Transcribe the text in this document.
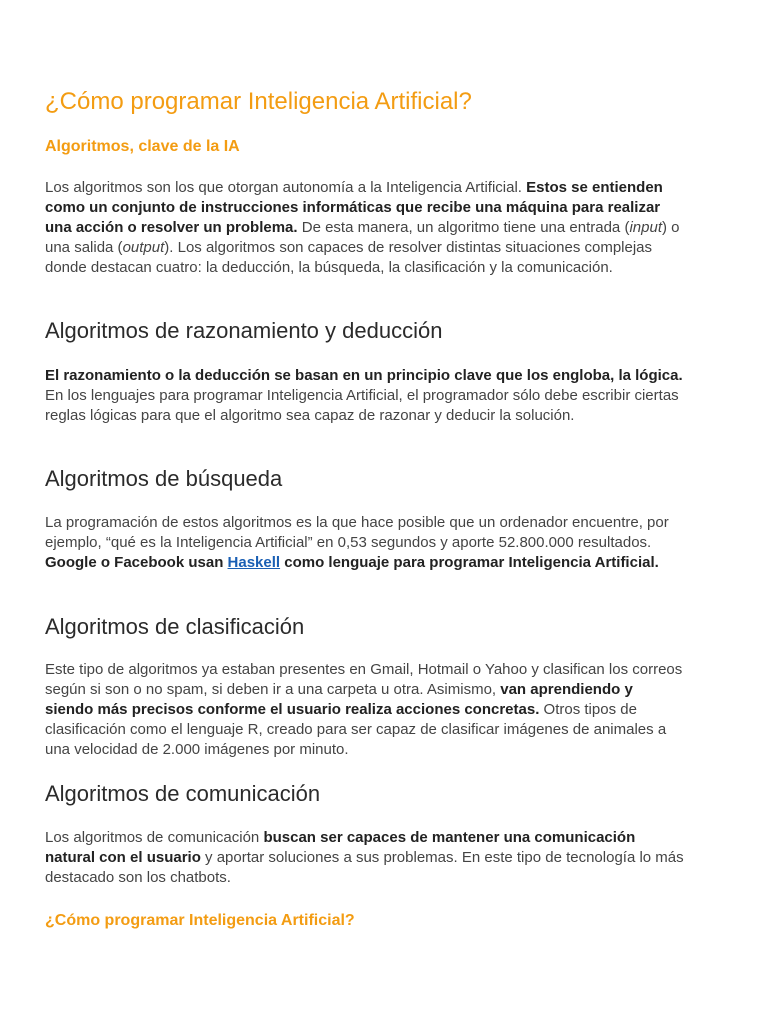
¿Cómo programar Inteligencia Artificial?
Algoritmos, clave de la IA

Los algoritmos son los que otorgan autonomía a la Inteligencia Artificial. Estos se entienden como un conjunto de instrucciones informáticas que recibe una máquina para realizar una acción o resolver un problema. De esta manera, un algoritmo tiene una entrada (input) o una salida (output). Los algoritmos son capaces de resolver distintas situaciones complejas donde destacan cuatro: la deducción, la búsqueda, la clasificación y la comunicación.

Algoritmos de razonamiento y deducción

El razonamiento o la deducción se basan en un principio clave que los engloba, la lógica. En los lenguajes para programar Inteligencia Artificial, el programador sólo debe escribir ciertas reglas lógicas para que el algoritmo sea capaz de razonar y deducir la solución.

Algoritmos de búsqueda

La programación de estos algoritmos es la que hace posible que un ordenador encuentre, por ejemplo, “qué es la Inteligencia Artificial” en 0,53 segundos y aporte 52.800.000 resultados. Google o Facebook usan Haskell como lenguaje para programar Inteligencia Artificial.

Algoritmos de clasificación

Este tipo de algoritmos ya estaban presentes en Gmail, Hotmail o Yahoo y clasifican los correos según si son o no spam, si deben ir a una carpeta u otra. Asimismo, van aprendiendo y siendo más precisos conforme el usuario realiza acciones concretas. Otros tipos de clasificación como el lenguaje R, creado para ser capaz de clasificar imágenes de animales a una velocidad de 2.000 imágenes por minuto.

Algoritmos de comunicación

Los algoritmos de comunicación buscan ser capaces de mantener una comunicación natural con el usuario y aportar soluciones a sus problemas. En este tipo de tecnología lo más destacado son los chatbots.

¿Cómo programar Inteligencia Artificial?
